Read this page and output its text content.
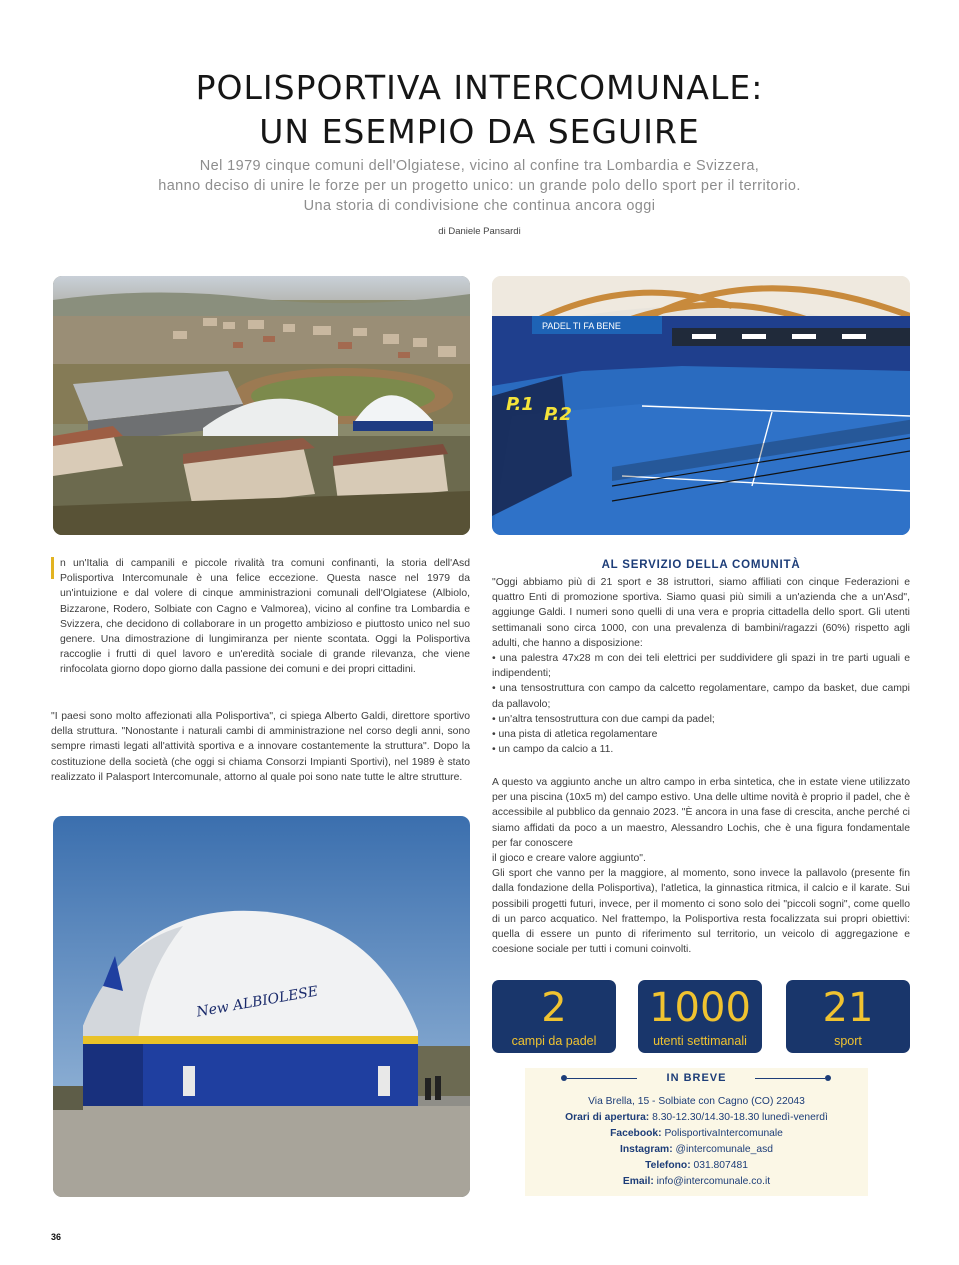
POLISPORTIVA INTERCOMUNALE:
UN ESEMPIO DA SEGUIRE
Nel 1979 cinque comuni dell'Olgiatese, vicino al confine tra Lombardia e Svizzera,
hanno deciso di unire le forze per un progetto unico: un grande polo dello sport per il territorio.
Una storia di condivisione che continua ancora oggi
di Daniele Pansardi
PADEL TI FA BENE
P.1 P.2

n un'Italia di campanili e piccole rivalità tra comuni confinanti, la storia dell'Asd Polisportiva Intercomunale è una felice eccezione. Questa nasce nel 1979 da un'intuizione e dal volere di cinque amministrazioni comunali dell'Olgiatese (Albiolo, Bizzarone, Rodero, Solbiate con Cagno e Valmorea), vicino al confine tra Lombardia e Svizzera, che decidono di collaborare in un progetto ambizioso e piuttosto unico nel suo genere. Una dimostrazione di lungimiranza per niente scontata. Oggi la Polisportiva raccoglie i frutti di quel lavoro e un'eredità sociale di grande rilevanza, che viene rinfocolata giorno dopo giorno dalla passione dei comuni e dei propri cittadini.

"I paesi sono molto affezionati alla Polisportiva", ci spiega Alberto Galdi, direttore sportivo della struttura. "Nonostante i naturali cambi di amministrazione nel corso degli anni, sono sempre rimasti legati all'attività sportiva e a innovare costantemente la struttura". Dopo la costituzione della società (che oggi si chiama Consorzi Impianti Sportivi), nel 1989 è stato realizzato il Palasport Intercomunale, attorno al quale poi sono nate tutte le altre strutture.

New ALBIOLESE
AL SERVIZIO DELLA COMUNITÀ

"Oggi abbiamo più di 21 sport e 38 istruttori, siamo affiliati con cinque Federazioni e quattro Enti di promozione sportiva. Siamo quasi più simili a un'azienda che a un'Asd", aggiunge Galdi. I numeri sono quelli di una vera e propria cittadella dello sport. Gli utenti settimanali sono circa 1000, con una prevalenza di bambini/ragazzi (60%) rispetto agli adulti, che hanno a disposizione:

• una palestra 47x28 m con dei teli elettrici per suddividere gli spazi in tre parti uguali e indipendenti;
• una tensostruttura con campo da calcetto regolamentare, campo da basket, due campi da pallavolo;
• un'altra tensostruttura con due campi da padel;
• una pista di atletica regolamentare
• un campo da calcio a 11.

A questo va aggiunto anche un altro campo in erba sintetica, che in estate viene utilizzato per una piscina (10x5 m) del campo estivo. Una delle ultime novità è proprio il padel, che è accessibile al pubblico da gennaio 2023. "È ancora in una fase di crescita, anche perché ci siamo affidati da poco a un maestro, Alessandro Lochis, che è una figura fondamentale per far conoscere
il gioco e creare valore aggiunto".

Gli sport che vanno per la maggiore, al momento, sono invece la pallavolo (presente fin dalla fondazione della Polisportiva), l'atletica, la ginnastica ritmica, il calcio e il karate. Sui possibili progetti futuri, invece, per il momento ci sono solo dei "piccoli sogni", come quello di un parco acquatico. Nel frattempo, la Polisportiva resta focalizzata sui propri obiettivi: quella di essere un punto di riferimento sul territorio, un veicolo di aggregazione e coesione sociale per tutti i comuni coinvolti.

2
campi da padel
1000
utenti settimanali
21
sport
IN BREVE
Via Brella, 15 - Solbiate con Cagno (CO) 22043
Orari di apertura: 8.30-12.30/14.30-18.30 lunedì-venerdì
Facebook: PolisportivaIntercomunale
Instagram: @intercomunale_asd
Telefono: 031.807481
Email: info@intercomunale.co.it
36
